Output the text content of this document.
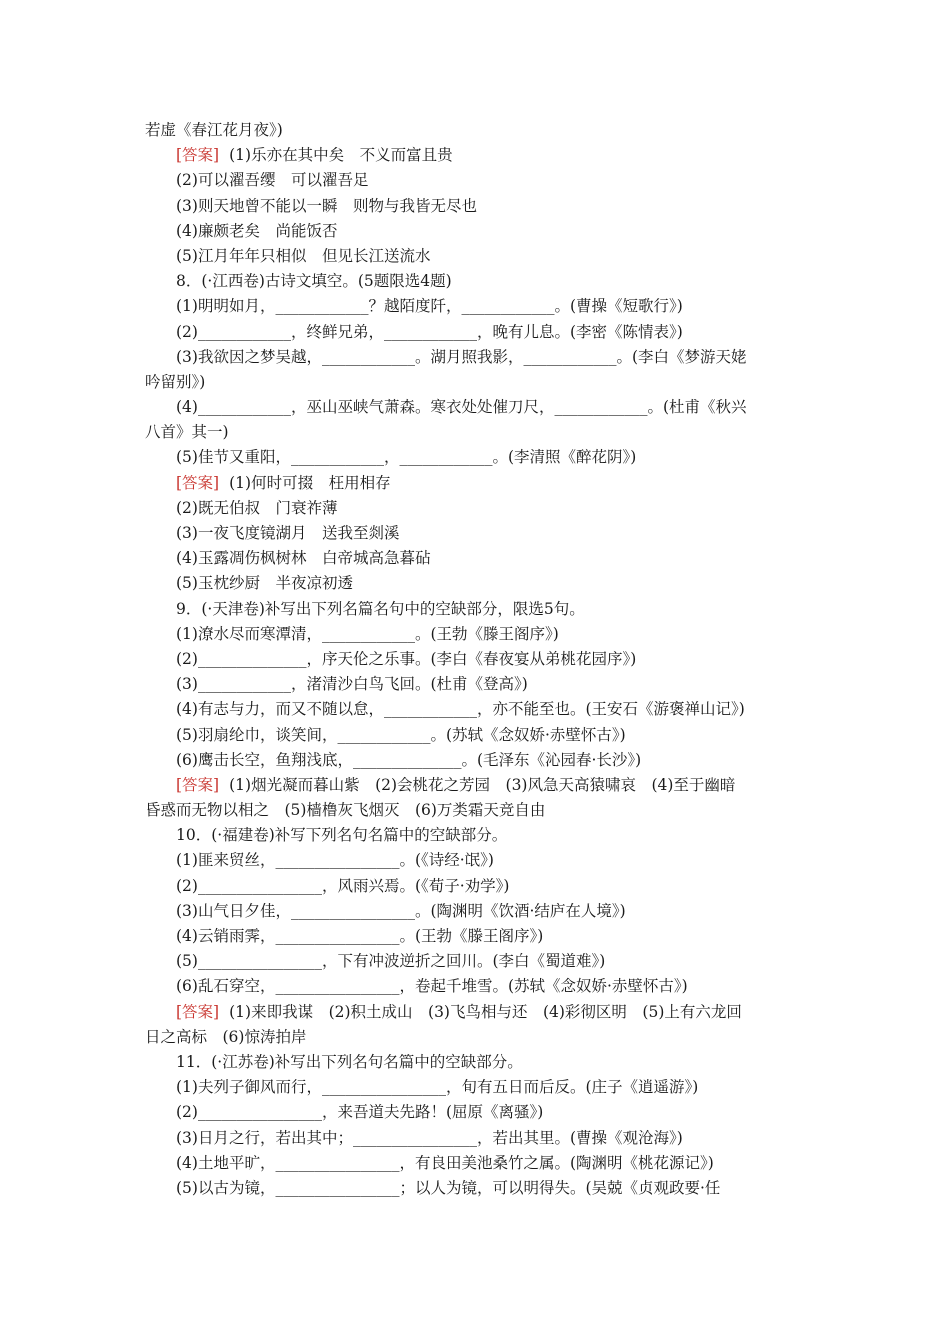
若虚《春江花月夜》)
[答案] (1)乐亦在其中矣　不义而富且贵
(2)可以濯吾缨　可以濯吾足
(3)则天地曾不能以一瞬　则物与我皆无尽也
(4)廉颇老矣　尚能饭否
(5)江月年年只相似　但见长江送流水
8．(·江西卷)古诗文填空。(5题限选4题)
(1)明明如月，____________？越陌度阡，____________。(曹操《短歌行》)
(2)____________，终鲜兄弟，____________，晚有儿息。(李密《陈情表》)
(3)我欲因之梦吴越，____________。湖月照我影，____________。(李白《梦游天姥
吟留别》)
(4)____________，巫山巫峡气萧森。寒衣处处催刀尺，____________。(杜甫《秋兴
八首》其一)
(5)佳节又重阳，____________，____________。(李清照《醉花阴》)
[答案] (1)何时可掇　枉用相存
(2)既无伯叔　门衰祚薄
(3)一夜飞度镜湖月　送我至剡溪
(4)玉露凋伤枫树林　白帝城高急暮砧
(5)玉枕纱厨　半夜凉初透
9．(·天津卷)补写出下列名篇名句中的空缺部分，限选5句。
(1)潦水尽而寒潭清，____________。(王勃《滕王阁序》)
(2)______________，序天伦之乐事。(李白《春夜宴从弟桃花园序》)
(3)____________，渚清沙白鸟飞回。(杜甫《登高》)
(4)有志与力，而又不随以怠，____________，亦不能至也。(王安石《游褒禅山记》)
(5)羽扇纶巾，谈笑间，____________。(苏轼《念奴娇·赤壁怀古》)
(6)鹰击长空，鱼翔浅底，______________。(毛泽东《沁园春·长沙》)
[答案] (1)烟光凝而暮山紫　(2)会桃花之芳园　(3)风急天高猿啸哀　(4)至于幽暗
昏惑而无物以相之　(5)樯橹灰飞烟灭　(6)万类霜天竞自由
10．(·福建卷)补写下列名句名篇中的空缺部分。
(1)匪来贸丝，________________。(《诗经·氓》)
(2)________________，风雨兴焉。(《荀子·劝学》)
(3)山气日夕佳，________________。(陶渊明《饮酒·结庐在人境》)
(4)云销雨霁，________________。(王勃《滕王阁序》)
(5)________________，下有冲波逆折之回川。(李白《蜀道难》)
(6)乱石穿空，________________，卷起千堆雪。(苏轼《念奴娇·赤壁怀古》)
[答案] (1)来即我谋　(2)积土成山　(3)飞鸟相与还　(4)彩彻区明　(5)上有六龙回
日之高标　(6)惊涛拍岸
11．(·江苏卷)补写出下列名句名篇中的空缺部分。
(1)夫列子御风而行，________________，旬有五日而后反。(庄子《逍遥游》)
(2)________________，来吾道夫先路！(屈原《离骚》)
(3)日月之行，若出其中；________________，若出其里。(曹操《观沧海》)
(4)土地平旷，________________，有良田美池桑竹之属。(陶渊明《桃花源记》)
(5)以古为镜，________________；以人为镜，可以明得失。(吴兢《贞观政要·任
